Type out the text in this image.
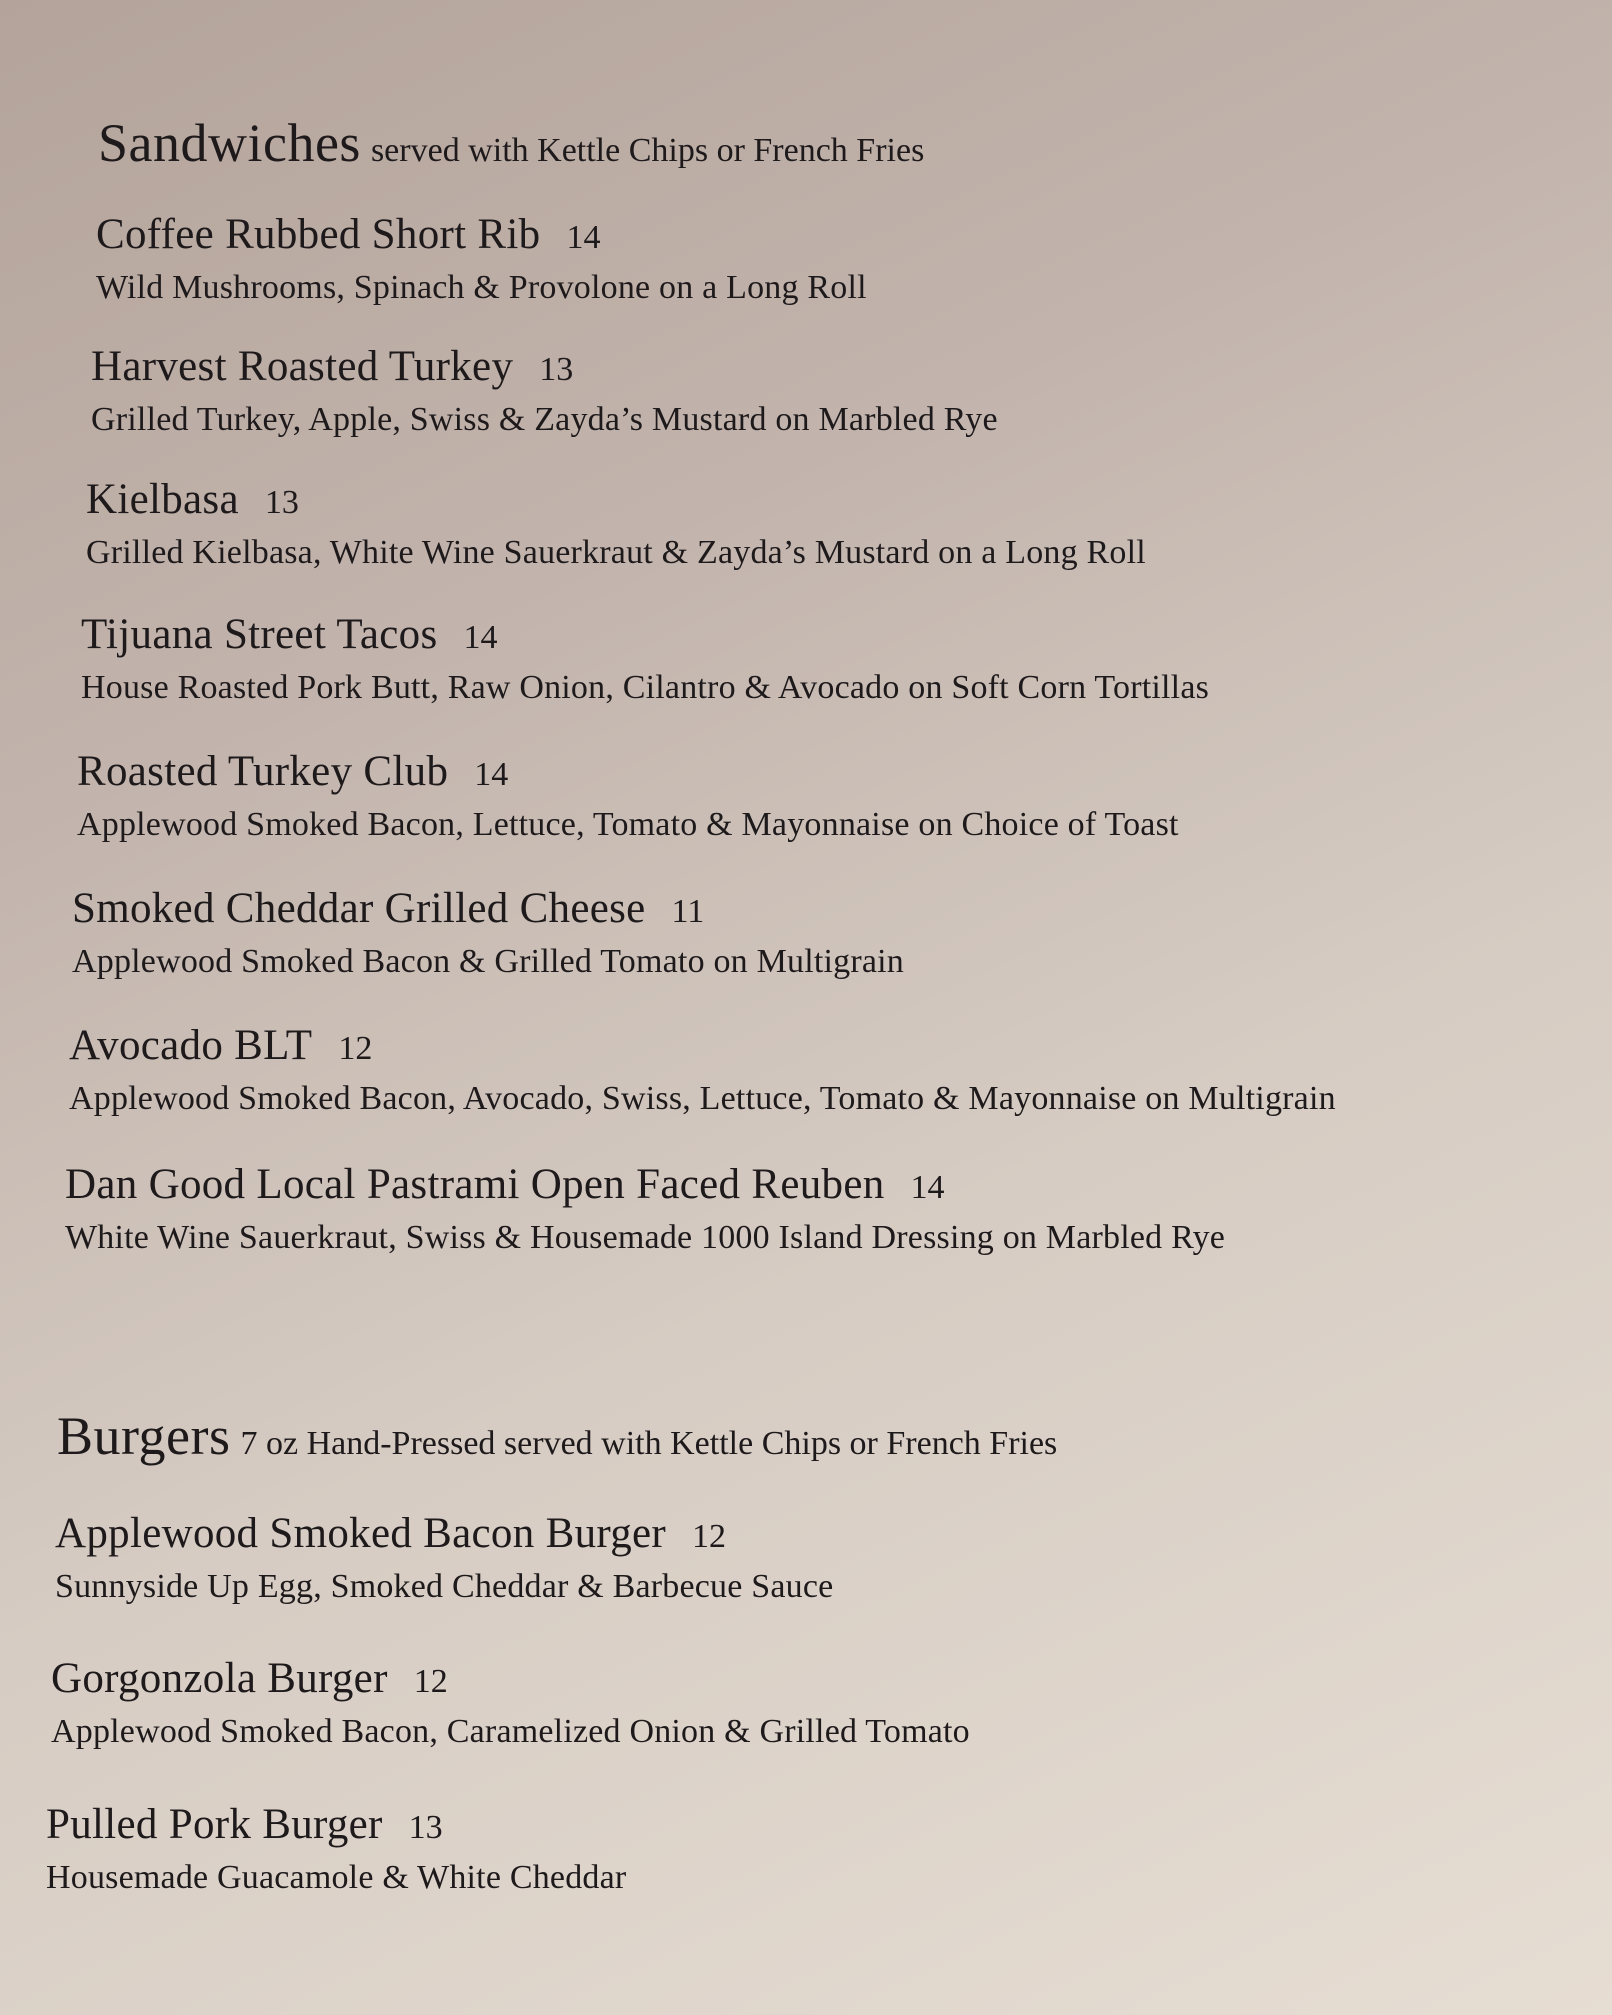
Sandwiches served with Kettle Chips or French Fries
Coffee Rubbed Short Rib 14
Wild Mushrooms, Spinach & Provolone on a Long Roll
Harvest Roasted Turkey 13
Grilled Turkey, Apple, Swiss & Zayda’s Mustard on Marbled Rye
Kielbasa 13
Grilled Kielbasa, White Wine Sauerkraut & Zayda’s Mustard on a Long Roll
Tijuana Street Tacos 14
House Roasted Pork Butt, Raw Onion, Cilantro & Avocado on Soft Corn Tortillas
Roasted Turkey Club 14
Applewood Smoked Bacon, Lettuce, Tomato & Mayonnaise on Choice of Toast
Smoked Cheddar Grilled Cheese 11
Applewood Smoked Bacon & Grilled Tomato on Multigrain
Avocado BLT 12
Applewood Smoked Bacon, Avocado, Swiss, Lettuce, Tomato & Mayonnaise on Multigrain
Dan Good Local Pastrami Open Faced Reuben 14
White Wine Sauerkraut, Swiss & Housemade 1000 Island Dressing on Marbled Rye
Burgers 7 oz Hand-Pressed served with Kettle Chips or French Fries
Applewood Smoked Bacon Burger 12
Sunnyside Up Egg, Smoked Cheddar & Barbecue Sauce
Gorgonzola Burger 12
Applewood Smoked Bacon, Caramelized Onion & Grilled Tomato
Pulled Pork Burger 13
Housemade Guacamole & White Cheddar
